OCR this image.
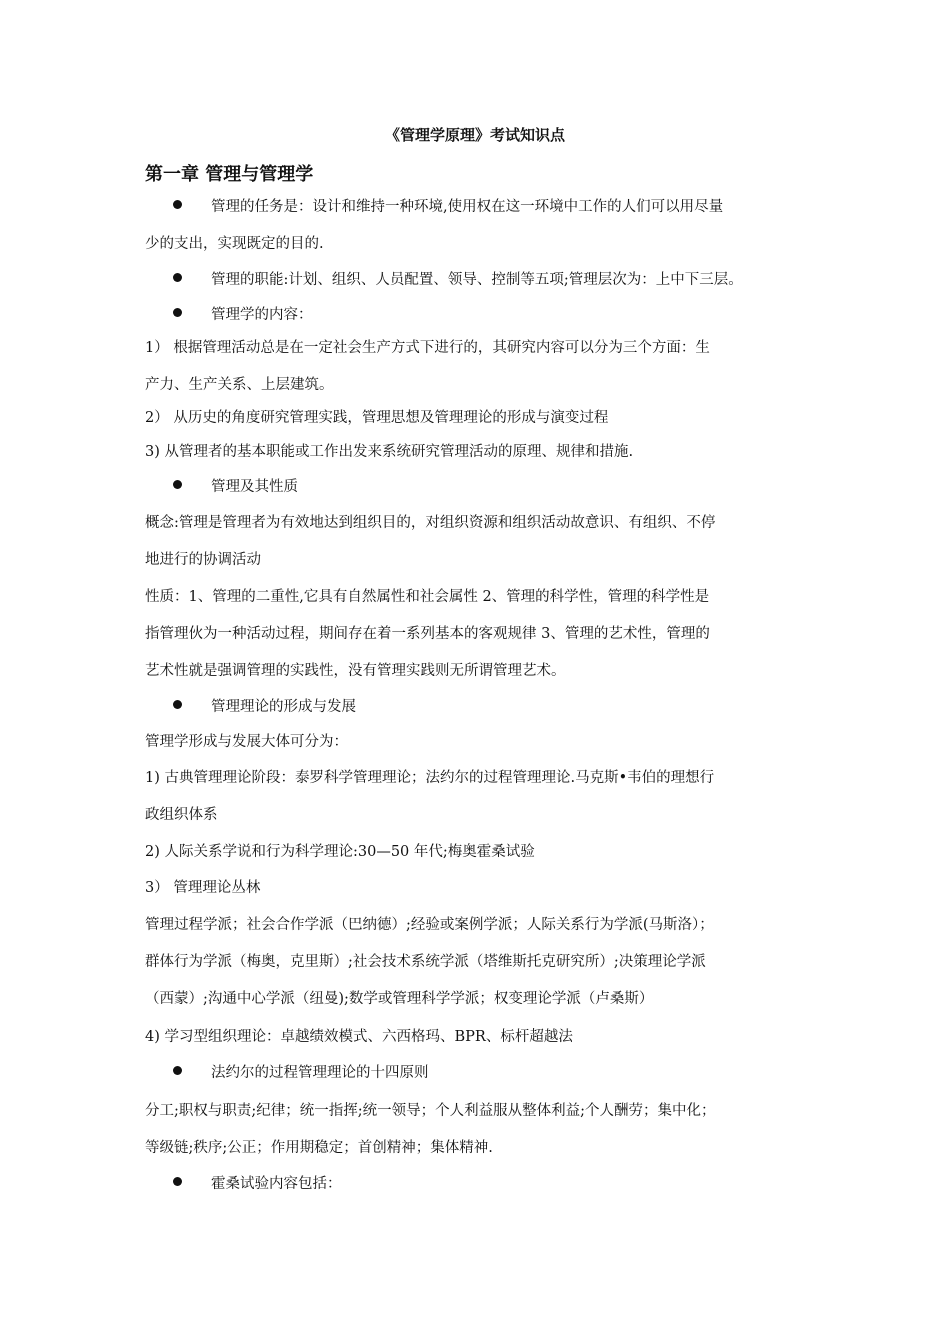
《管理学原理》考试知识点
第一章 管理与管理学
管理的任务是：设计和维持一种环境,使用权在这一环境中工作的人们可以用尽量
少的支出，实现既定的目的.
管理的职能:计划、组织、人员配置、领导、控制等五项;管理层次为：上中下三层。
管理学的内容：
1） 根据管理活动总是在一定社会生产方式下进行的，其研究内容可以分为三个方面：生
产力、生产关系、上层建筑。
2） 从历史的角度研究管理实践，管理思想及管理理论的形成与演变过程
3) 从管理者的基本职能或工作出发来系统研究管理活动的原理、规律和措施.
管理及其性质
概念:管理是管理者为有效地达到组织目的，对组织资源和组织活动故意识、有组织、不停
地进行的协调活动
性质：1、管理的二重性,它具有自然属性和社会属性 2、管理的科学性，管理的科学性是
指管理伙为一种活动过程，期间存在着一系列基本的客观规律 3、管理的艺术性，管理的
艺术性就是强调管理的实践性，没有管理实践则无所谓管理艺术。
管理理论的形成与发展
管理学形成与发展大体可分为：
1) 古典管理理论阶段：泰罗科学管理理论；法约尔的过程管理理论.马克斯•韦伯的理想行
政组织体系
2) 人际关系学说和行为科学理论:30—50 年代;梅奥霍桑试验
3） 管理理论丛林
管理过程学派；社会合作学派（巴纳德）;经验或案例学派；人际关系行为学派(马斯洛）；
群体行为学派（梅奥，克里斯）;社会技术系统学派（塔维斯托克研究所）;决策理论学派
（西蒙）;沟通中心学派（纽曼);数学或管理科学学派；权变理论学派（卢桑斯）
4) 学习型组织理论：卓越绩效模式、六西格玛、BPR、标杆超越法
法约尔的过程管理理论的十四原则
分工;职权与职责;纪律；统一指挥;统一领导；个人利益服从整体利益;个人酬劳；集中化；
等级链;秩序;公正；作用期稳定；首创精神；集体精神.
霍桑试验内容包括：
